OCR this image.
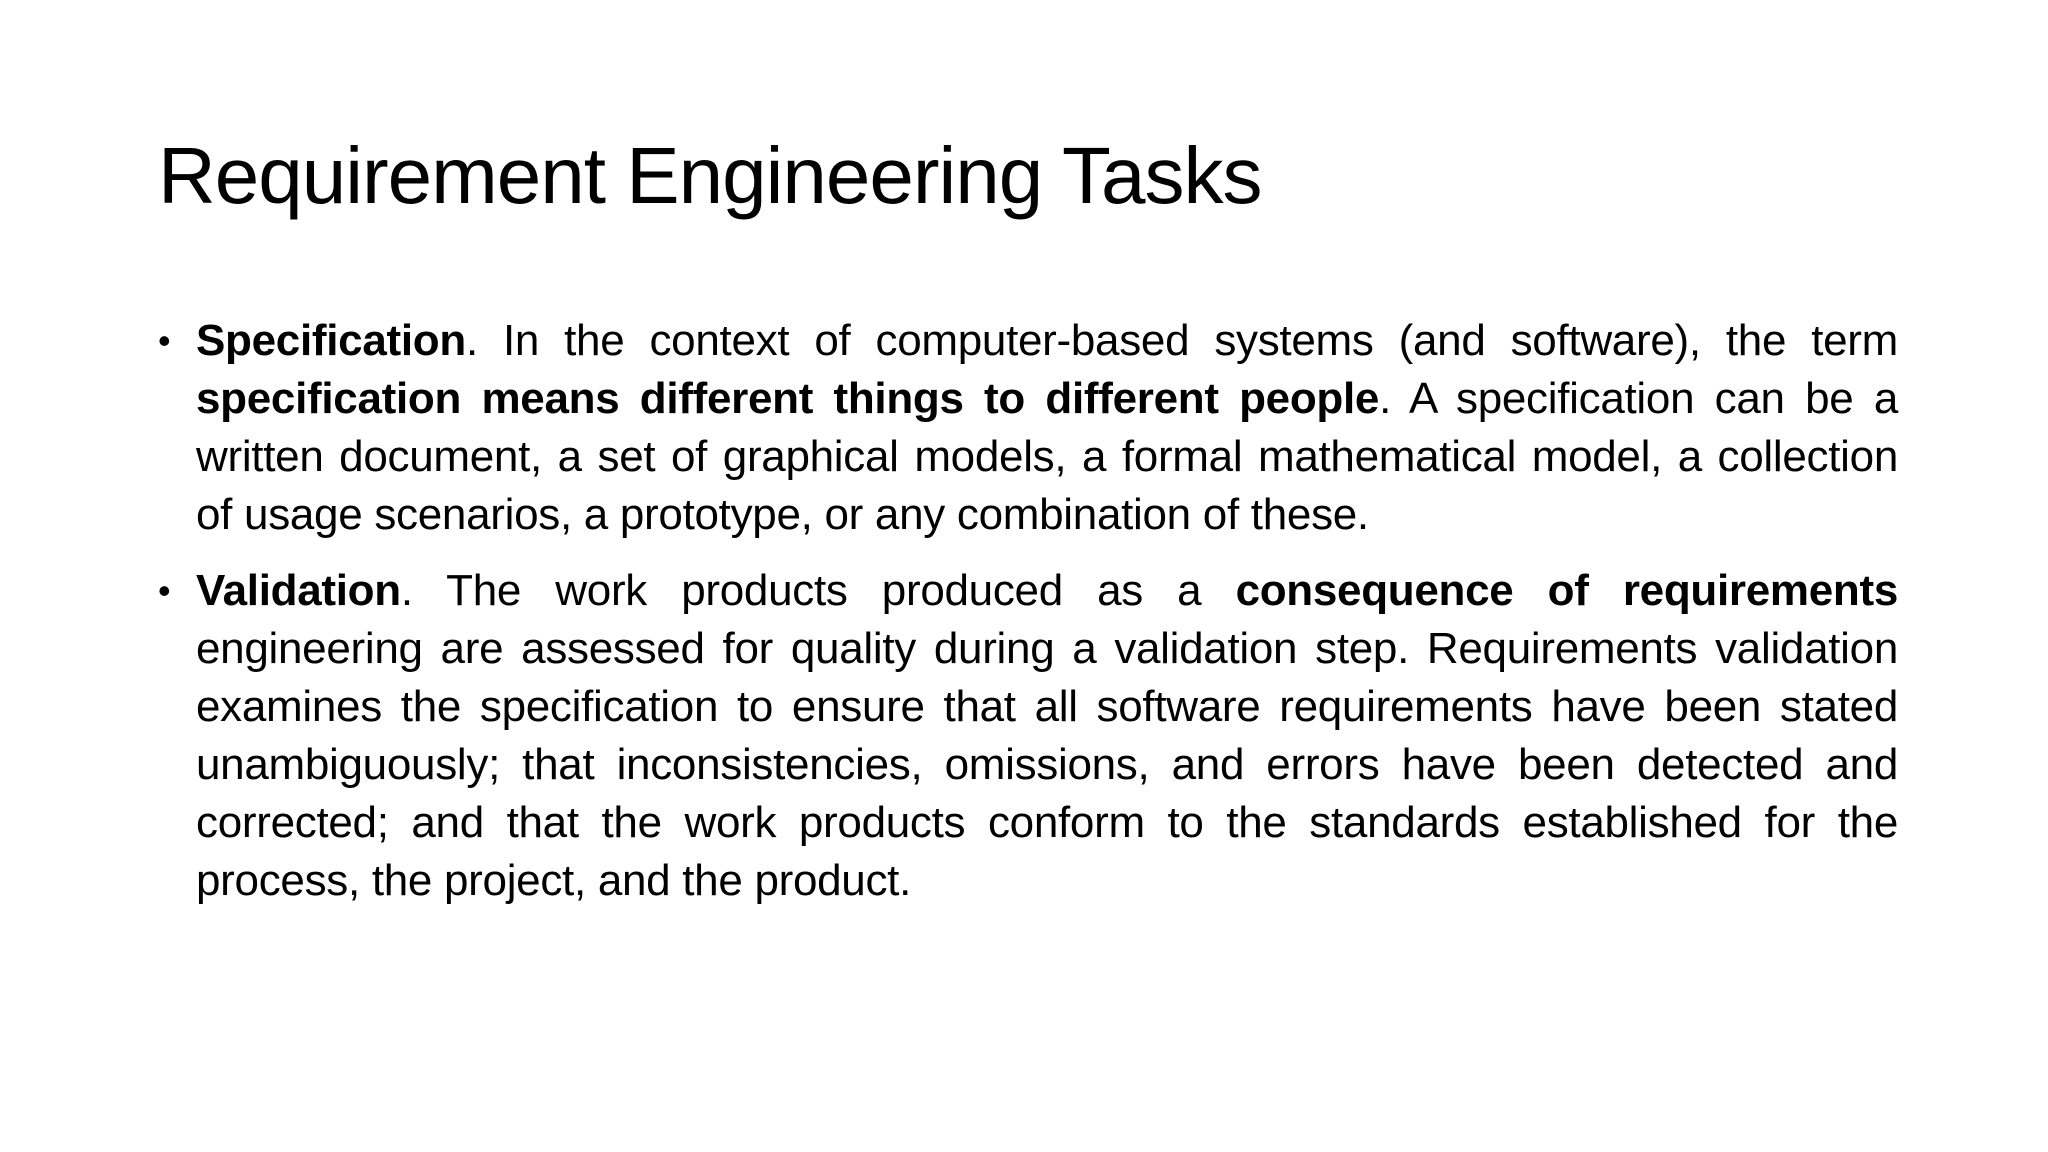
Requirement Engineering Tasks
• Specification. In the context of computer-based systems (and software), the term specification means different things to different people. A specification can be a written document, a set of graphical models, a formal mathematical model, a collection of usage scenarios, a prototype, or any combination of these.
• Validation. The work products produced as a consequence of requirements engineering are assessed for quality during a validation step. Requirements validation examines the specification to ensure that all software requirements have been stated unambiguously; that inconsistencies, omissions, and errors have been detected and corrected; and that the work products conform to the standards established for the process, the project, and the product.
